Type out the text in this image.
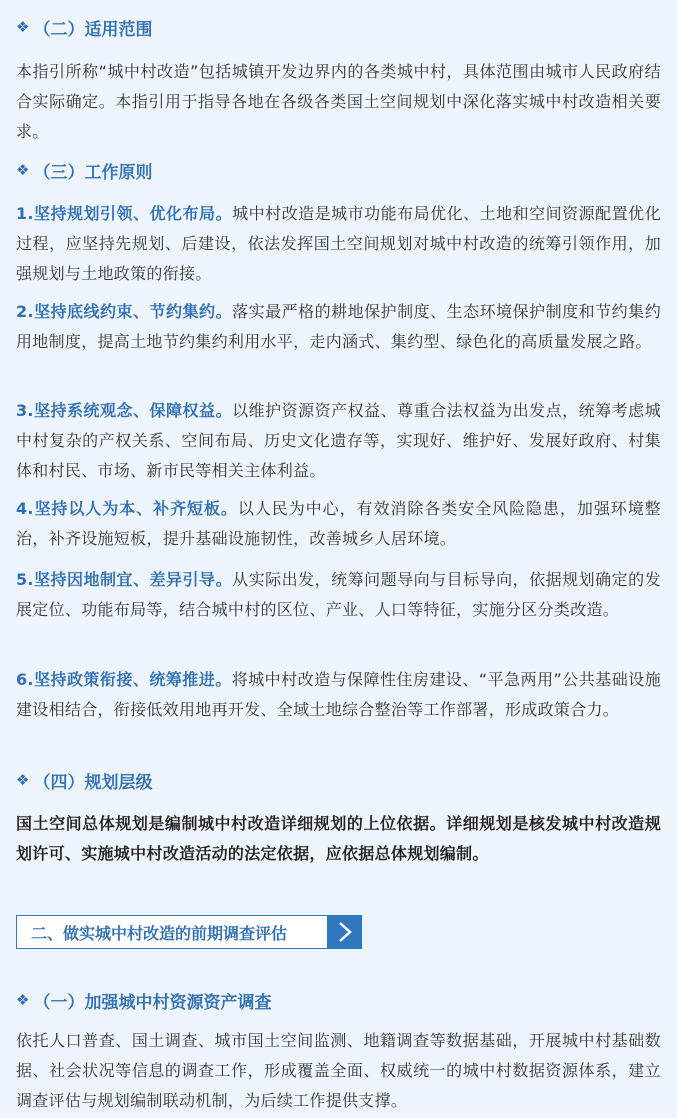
❖ （二）适用范围
本指引所称“城中村改造”包括城镇开发边界内的各类城中村，具体范围由城市人民政府结合实际确定。本指引用于指导各地在各级各类国土空间规划中深化落实城中村改造相关要求。
❖ （三）工作原则
1.坚持规划引领、优化布局。城中村改造是城市功能布局优化、土地和空间资源配置优化过程，应坚持先规划、后建设，依法发挥国土空间规划对城中村改造的统筹引领作用，加强规划与土地政策的衔接。
2.坚持底线约束、节约集约。落实最严格的耕地保护制度、生态环境保护制度和节约集约用地制度，提高土地节约集约利用水平，走内涵式、集约型、绿色化的高质量发展之路。
3.坚持系统观念、保障权益。以维护资源资产权益、尊重合法权益为出发点，统筹考虑城中村复杂的产权关系、空间布局、历史文化遗存等，实现好、维护好、发展好政府、村集体和村民、市场、新市民等相关主体利益。
4.坚持以人为本、补齐短板。以人民为中心，有效消除各类安全风险隐患，加强环境整治，补齐设施短板，提升基础设施韧性，改善城乡人居环境。
5.坚持因地制宜、差异引导。从实际出发，统筹问题导向与目标导向，依据规划确定的发展定位、功能布局等，结合城中村的区位、产业、人口等特征，实施分区分类改造。
6.坚持政策衔接、统筹推进。将城中村改造与保障性住房建设、“平急两用”公共基础设施建设相结合，衔接低效用地再开发、全域土地综合整治等工作部署，形成政策合力。
❖ （四）规划层级
国土空间总体规划是编制城中村改造详细规划的上位依据。详细规划是核发城中村改造规划许可、实施城中村改造活动的法定依据，应依据总体规划编制。
二、做实城中村改造的前期调查评估
❖ （一）加强城中村资源资产调查
依托人口普查、国土调查、城市国土空间监测、地籍调查等数据基础，开展城中村基础数据、社会状况等信息的调查工作，形成覆盖全面、权威统一的城中村数据资源体系，建立调查评估与规划编制联动机制，为后续工作提供支撑。
